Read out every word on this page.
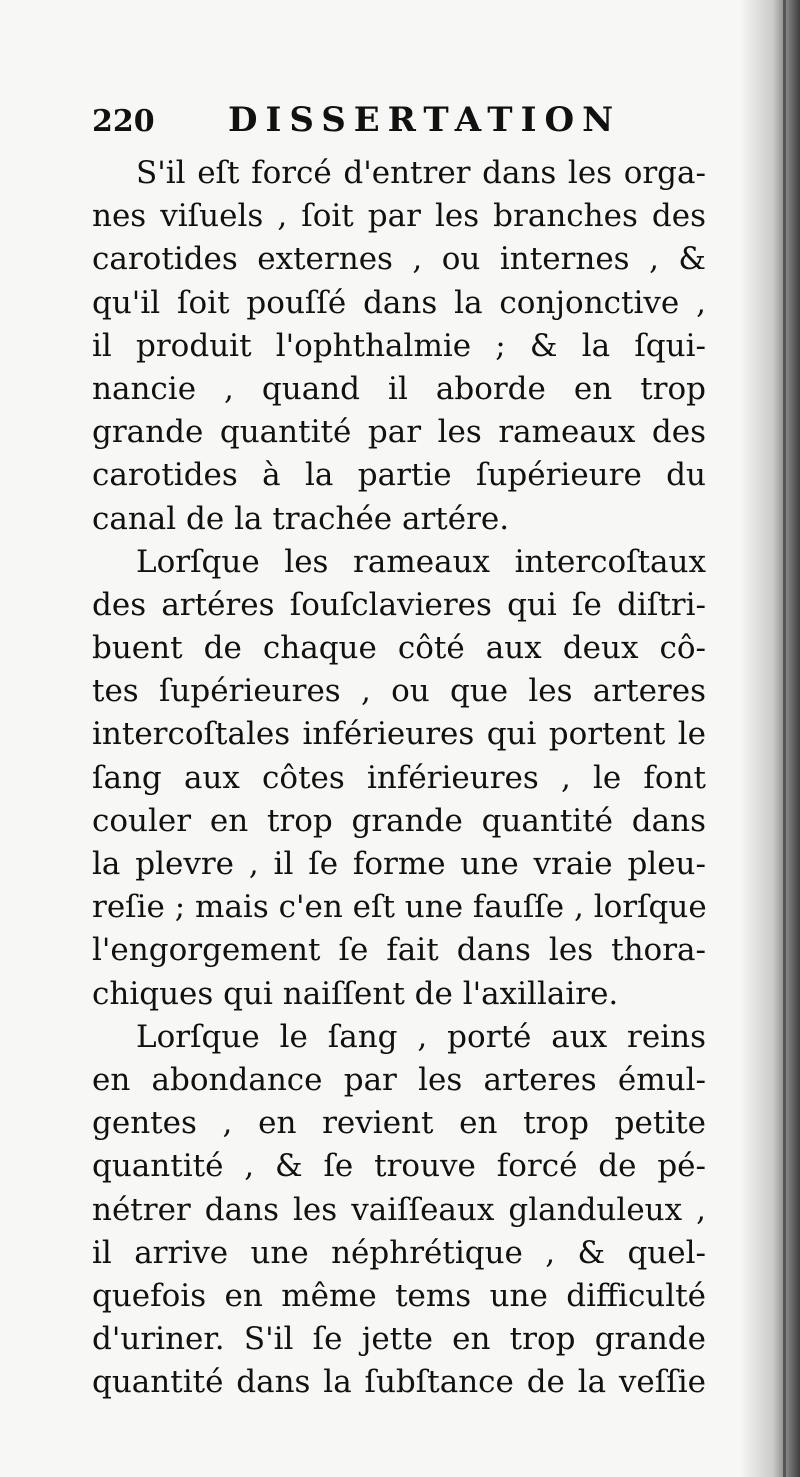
220 DISSERTATION
S'il eſt forcé d'entrer dans les orga-
nes viſuels , ſoit par les branches des
carotides externes , ou internes , &
qu'il ſoit pouſſé dans la conjonctive ,
il produit l'ophthalmie ; & la ſqui-
nancie , quand il aborde en trop
grande quantité par les rameaux des
carotides à la partie ſupérieure du
canal de la trachée artére.
Lorſque les rameaux intercoſtaux
des artéres ſouſclavieres qui ſe diſtri-
buent de chaque côté aux deux cô-
tes ſupérieures , ou que les arteres
intercoſtales inférieures qui portent le
ſang aux côtes inférieures , le font
couler en trop grande quantité dans
la plevre , il ſe forme une vraie pleu-
reſie ; mais c'en eſt une fauſſe , lorſque
l'engorgement ſe fait dans les thora-
chiques qui naiſſent de l'axillaire.
Lorſque le ſang , porté aux reins
en abondance par les arteres émul-
gentes , en revient en trop petite
quantité , & ſe trouve forcé de pé-
nétrer dans les vaiſſeaux glanduleux ,
il arrive une néphrétique , & quel-
quefois en même tems une difficulté
d'uriner. S'il ſe jette en trop grande
quantité dans la ſubſtance de la veſſie
